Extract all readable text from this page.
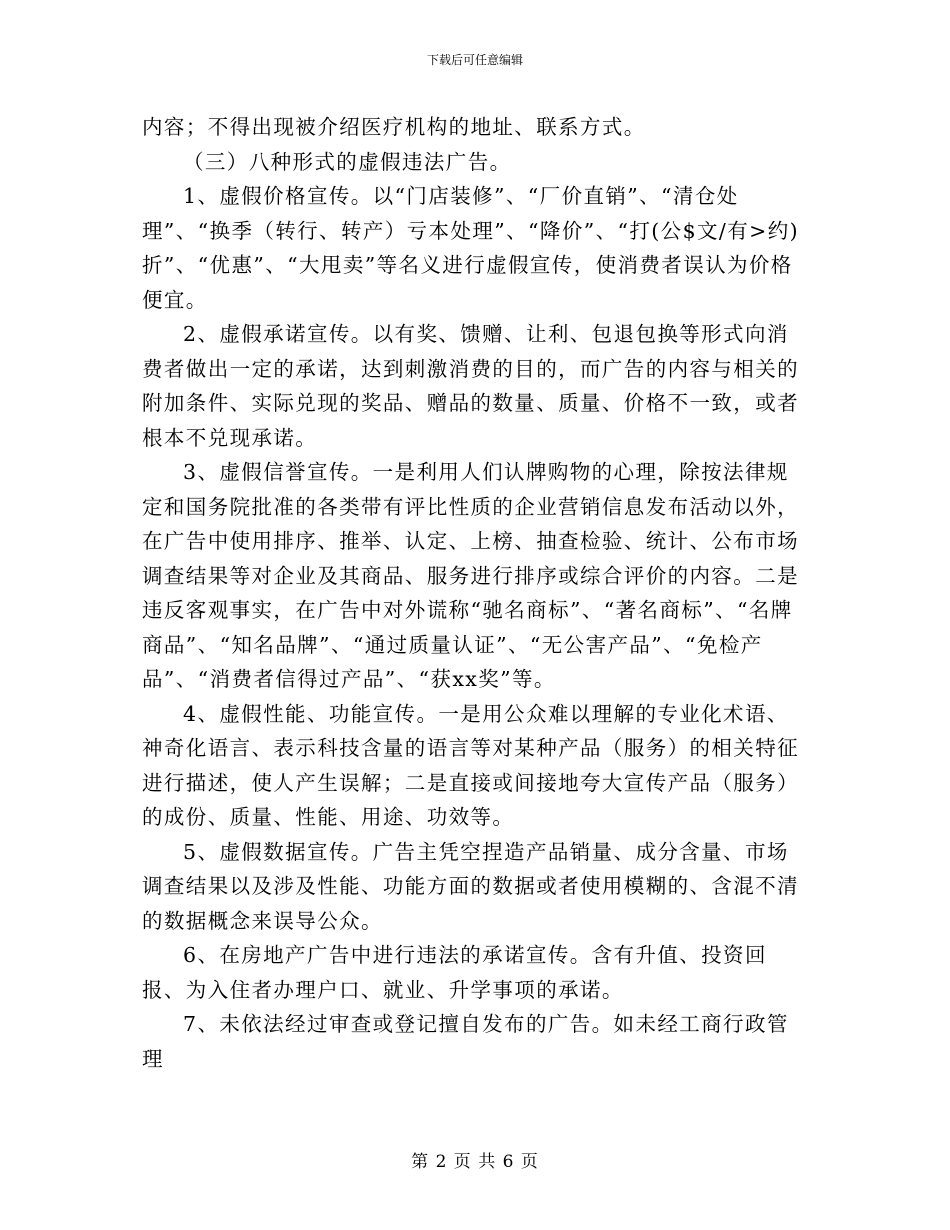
下载后可任意编辑

内容；不得出现被介绍医疗机构的地址、联系方式。

（三）八种形式的虚假违法广告。

1、虚假价格宣传。以“门店装修”、“厂价直销”、“清仓处理”、“换季（转行、转产）亏本处理”、“降价”、“打(公$文/有>约)折”、“优惠”、“大甩卖”等名义进行虚假宣传，使消费者误认为价格便宜。

2、虚假承诺宣传。以有奖、馈赠、让利、包退包换等形式向消费者做出一定的承诺，达到刺激消费的目的，而广告的内容与相关的附加条件、实际兑现的奖品、赠品的数量、质量、价格不一致，或者根本不兑现承诺。

3、虚假信誉宣传。一是利用人们认牌购物的心理，除按法律规定和国务院批准的各类带有评比性质的企业营销信息发布活动以外，在广告中使用排序、推举、认定、上榜、抽查检验、统计、公布市场调查结果等对企业及其商品、服务进行排序或综合评价的内容。二是违反客观事实，在广告中对外谎称“驰名商标”、“著名商标”、“名牌商品”、“知名品牌”、“通过质量认证”、“无公害产品”、“免检产品”、“消费者信得过产品”、“获xx奖”等。

4、虚假性能、功能宣传。一是用公众难以理解的专业化术语、神奇化语言、表示科技含量的语言等对某种产品（服务）的相关特征进行描述，使人产生误解；二是直接或间接地夸大宣传产品（服务）的成份、质量、性能、用途、功效等。

5、虚假数据宣传。广告主凭空捏造产品销量、成分含量、市场调查结果以及涉及性能、功能方面的数据或者使用模糊的、含混不清的数据概念来误导公众。

6、在房地产广告中进行违法的承诺宣传。含有升值、投资回报、为入住者办理户口、就业、升学事项的承诺。

7、未依法经过审查或登记擅自发布的广告。如未经工商行政管理

第 2 页 共 6 页
